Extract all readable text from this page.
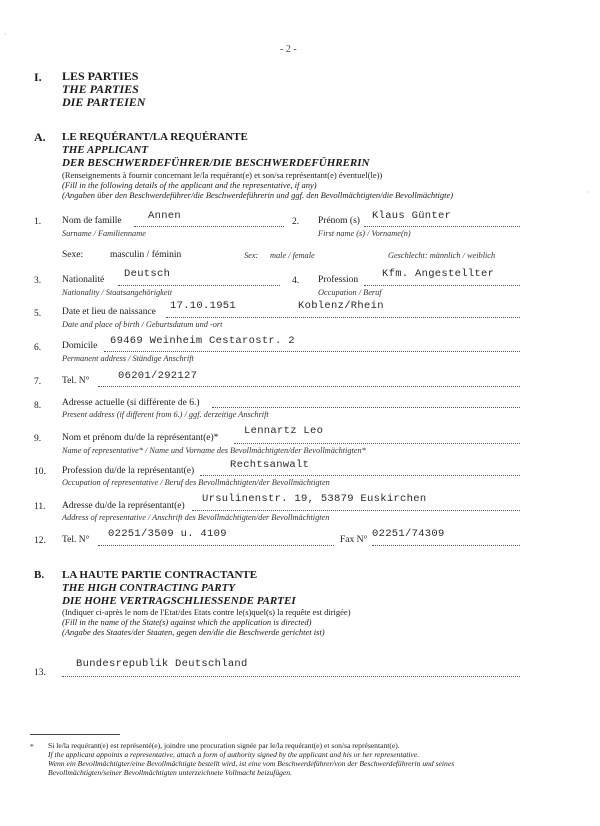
·
·
- 2 -
I. LES PARTIES
THE PARTIES
DIE PARTEIEN
A. LE REQUÉRANT/LA REQUÉRANTE
THE APPLICANT
DER BESCHWERDEFÜHRER/DIE BESCHWERDEFÜHRERIN
(Renseignements à fournir concernant le/la requérant(e) et son/sa représentant(e) éventuel(le))
(Fill in the following details of the applicant and the representative, if any)
(Angaben über den Beschwerdeführer/die Beschwerdeführerin und ggf. den Bevollmächtigten/die Bevollmächtigte)
1. Nom de famille	Annen
Surname / Familienname
2. Prénom (s) Klaus Günter
First name (s) / Vorname(n)
Sexe:	masculin / féminin	Sex: male / female	Geschlecht: männlich / weiblich
3. Nationalité Deutsch
Nationality / Staatsangehörigkeit
4. Profession Kfm. Angestellter
Occupation / Beruf
5. Date et lieu de naissance 17.10.1951	Koblenz/Rhein
Date and place of birth / Geburtsdatum und -ort
6. Domicile 69469 Weinheim Cestarostr. 2
Permanent address / Ständige Anschrift
7. Tel. N°	06201/292127
8. Adresse actuelle (si différente de 6.)
Present address (if different from 6.) / ggf. derzeitige Anschrift
9. Nom et prénom du/de la représentant(e)*
Lennartz Leo
Name of representative* / Name und Vorname des Bevollmächtigten/der Bevollmächtigten*
10. Profession du/de la représentant(e)	Rechtsanwalt
Occupation of representative / Beruf des Bevollmächtigten/der Bevollmächtigten
11. Adresse du/de la représentant(e)
Ursulinenstr. 19, 53879 Euskirchen
Address of representative / Anschrift des Bevollmächtigten/der Bevollmächtigten
12. Tel. N° 02251/3509 u. 4109	Fax N° 02251/74309
B. LA HAUTE PARTIE CONTRACTANTE
THE HIGH CONTRACTING PARTY
DIE HOHE VERTRAGSCHLIESSENDE PARTEI
(Indiquer ci-après le nom de l'Etat/des Etats contre le(s)quel(s) la requête est dirigée)
(Fill in the name of the State(s) against which the application is directed)
(Angabe des Staates/der Staaten, gegen den/die die Beschwerde gerichtet ist)
13.
Bundesrepublik Deutschland
* Si le/la requérant(e) est représenté(e), joindre une procuration signée par le/la requérant(e) et son/sa représentant(e).
If the applicant appoints a representative, attach a form of authority signed by the applicant and his or her representative.
Wenn ein Bevollmächtigter/eine Bevollmächtigte bestellt wird, ist eine vom Beschwerdeführer/von der Beschwerdeführerin und seines
Bevollmächtigten/seiner Bevollmächtigten unterzeichnete Vollmacht beizufügen.
